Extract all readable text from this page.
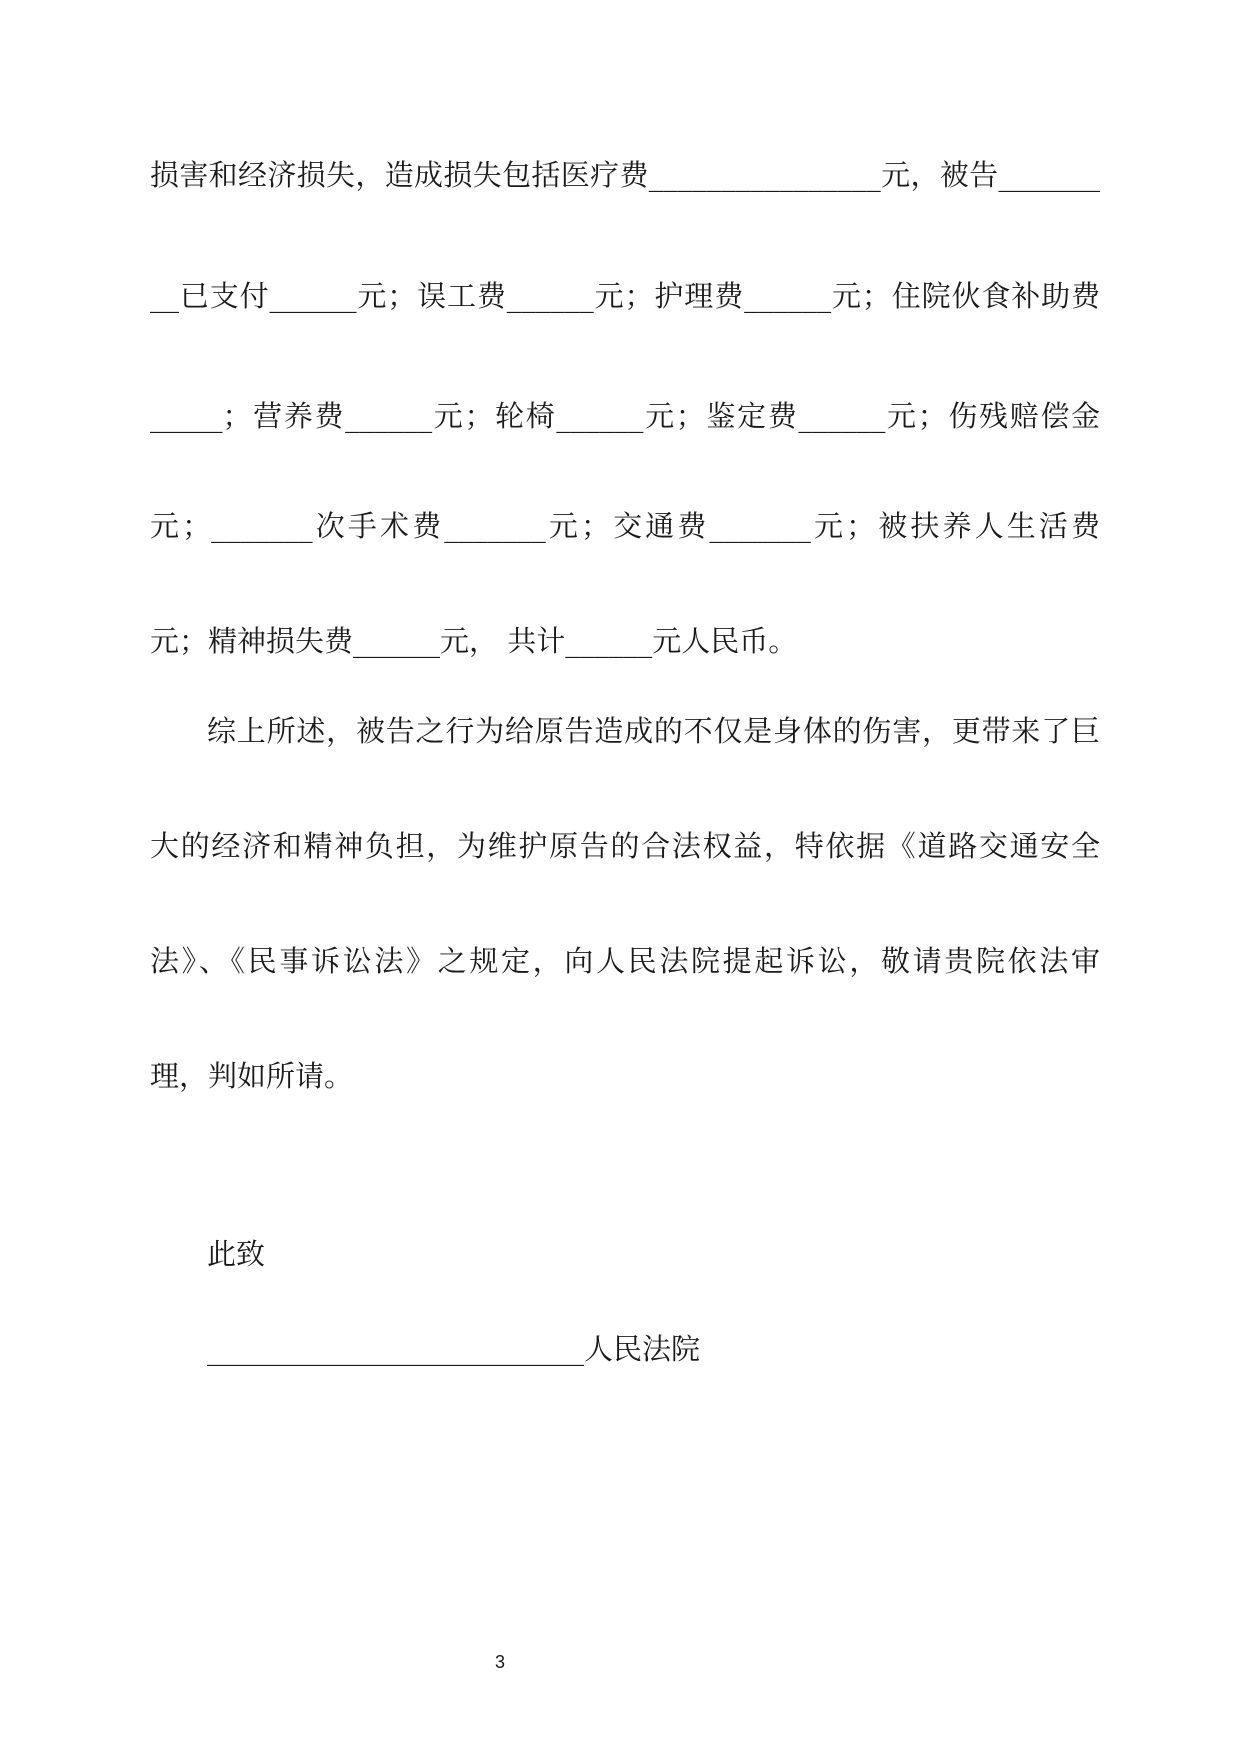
损害和经济损失，造成损失包括医疗费________________元，被告_______
__已支付______元；误工费______元；护理费______元；住院伙食补助费
_____；营养费______元；轮椅______元；鉴定费______元；伤残赔偿金
元；_______次手术费_______元；交通费_______元；被扶养人生活费
元；精神损失费______元， 共计______元人民币。
综上所述，被告之行为给原告造成的不仅是身体的伤害，更带来了巨
大的经济和精神负担，为维护原告的合法权益，特依据《道路交通安全
法》、《民事诉讼法》之规定，向人民法院提起诉讼，敬请贵院依法审
理，判如所请。
此致
__________________________人民法院
3
